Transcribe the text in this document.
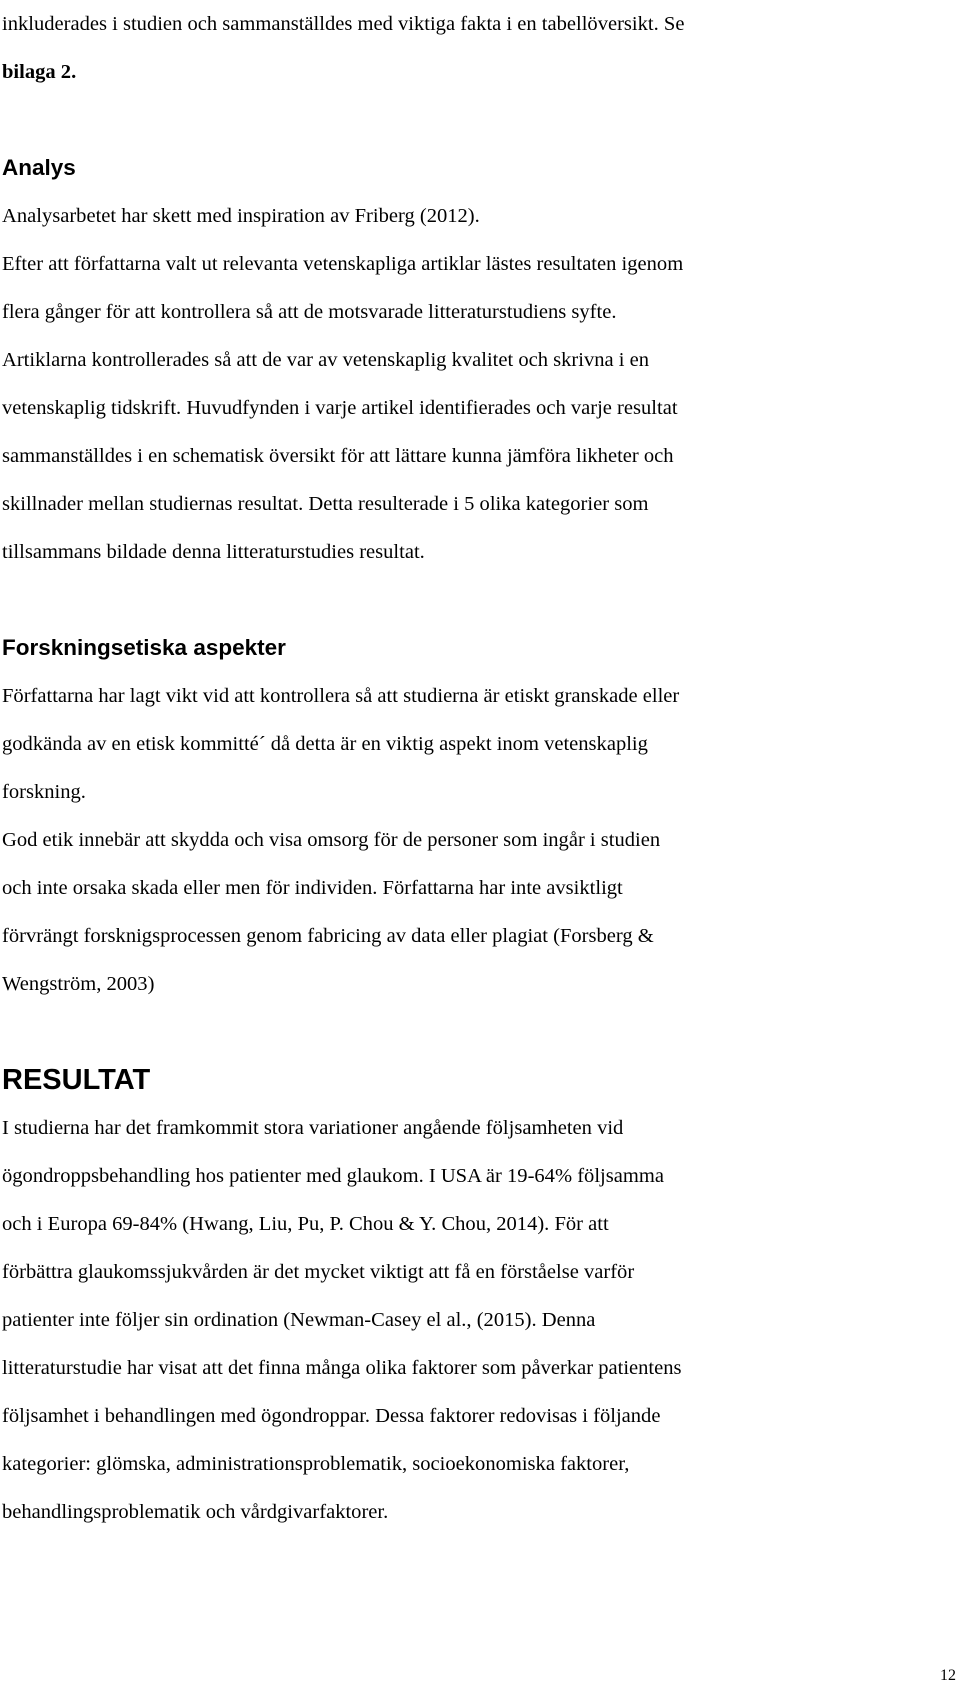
inkluderades i studien och sammanställdes med viktiga fakta i en tabellöversikt. Se

bilaga 2.

Analys

Analysarbetet har skett med inspiration av Friberg (2012).

Efter att författarna valt ut relevanta vetenskapliga artiklar lästes resultaten igenom

flera gånger för att kontrollera så att de motsvarade litteraturstudiens syfte.

Artiklarna kontrollerades så att de var av vetenskaplig kvalitet och skrivna i en

vetenskaplig tidskrift. Huvudfynden i varje artikel identifierades och varje resultat

sammanställdes i en schematisk översikt för att lättare kunna jämföra likheter och

skillnader mellan studiernas resultat. Detta resulterade i 5 olika kategorier som

tillsammans bildade denna litteraturstudies resultat.

Forskningsetiska aspekter

Författarna har lagt vikt vid att kontrollera så att studierna är etiskt granskade eller

godkända av en etisk kommitté´ då detta är en viktig aspekt inom vetenskaplig

forskning.

God etik innebär att skydda och visa omsorg för de personer som ingår i studien

och inte orsaka skada eller men för individen. Författarna har inte avsiktligt

förvrängt forsknigsprocessen genom fabricing av data eller plagiat (Forsberg &

Wengström, 2003)

RESULTAT

I studierna har det framkommit stora variationer angående följsamheten vid

ögondroppsbehandling hos patienter med glaukom. I USA är 19-64% följsamma

och i Europa 69-84% (Hwang, Liu, Pu, P. Chou & Y. Chou, 2014). För att

förbättra glaukomssjukvården är det mycket viktigt att få en förståelse varför

patienter inte följer sin ordination (Newman-Casey el al., (2015). Denna

litteraturstudie har visat att det finna många olika faktorer som påverkar patientens

följsamhet i behandlingen med ögondroppar. Dessa faktorer redovisas i följande

kategorier: glömska, administrationsproblematik, socioekonomiska faktorer,

behandlingsproblematik och vårdgivarfaktorer.

12
